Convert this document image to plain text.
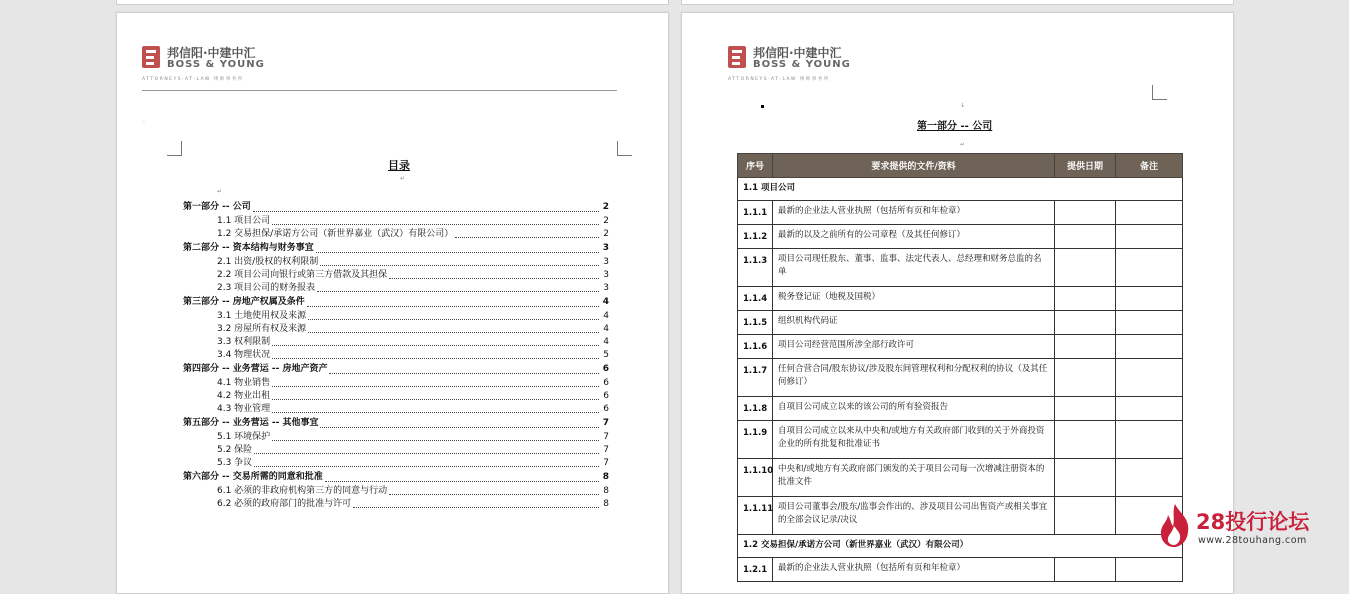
邦信阳·中建中汇
BOSS & YOUNG
ATTORNEYS·AT·LAW 律师事务所
.
目录
↵
↵
第一部分 -- 公司	2
1.1 项目公司	2
1.2 交易担保/承诺方公司（新世界嘉业（武汉）有限公司）	2
第二部分 -- 资本结构与财务事宜	3
2.1 出资/股权的权利限制	3
2.2 项目公司向银行或第三方借款及其担保	3
2.3 项目公司的财务报表	3
第三部分 -- 房地产权属及条件	4
3.1 土地使用权及来源	4
3.2 房屋所有权及来源	4
3.3 权利限制	4
3.4 物理状况	5
第四部分 -- 业务营运 -- 房地产资产	6
4.1 物业销售	6
4.2 物业出租	6
4.3 物业管理	6
第五部分 -- 业务营运 -- 其他事宜	7
5.1 环境保护	7
5.2 保险	7
5.3 争议	7
第六部分 -- 交易所需的同意和批准	8
6.1 必须的非政府机构第三方的同意与行动	8
6.2 必须的政府部门的批准与许可	8
邦信阳·中建中汇
BOSS & YOUNG
ATTORNEYS·AT·LAW 律师事务所
↓
第一部分 -- 公司
↵
序号	要求提供的文件/资料	提供日期	备注
1.1 项目公司			
1.1.1	最新的企业法人营业执照（包括所有页和年检章）		
1.1.2	最新的以及之前所有的公司章程（及其任何修订）		
1.1.3	项目公司现任股东、董事、监事、法定代表人、总经理和财务总监的名单		
1.1.4	税务登记证（地税及国税）		
1.1.5	组织机构代码证		
1.1.6	项目公司经营范围所涉全部行政许可		
1.1.7	任何合营合同/股东协议/涉及股东间管理权利和分配权利的协议（及其任何修订）		
1.1.8	自项目公司成立以来的该公司的所有验资报告		
1.1.9	自项目公司成立以来从中央和/或地方有关政府部门收到的关于外商投资企业的所有批复和批准证书		
1.1.10	中央和/或地方有关政府部门颁发的关于项目公司每一次增减注册资本的批准文件		
1.1.11	项目公司董事会/股东/监事会作出的、涉及项目公司出售资产或相关事宜的全部会议记录/决议		
1.2 交易担保/承诺方公司（新世界嘉业（武汉）有限公司）			
1.2.1	最新的企业法人营业执照（包括所有页和年检章）		
28投行论坛
www.28touhang.com
